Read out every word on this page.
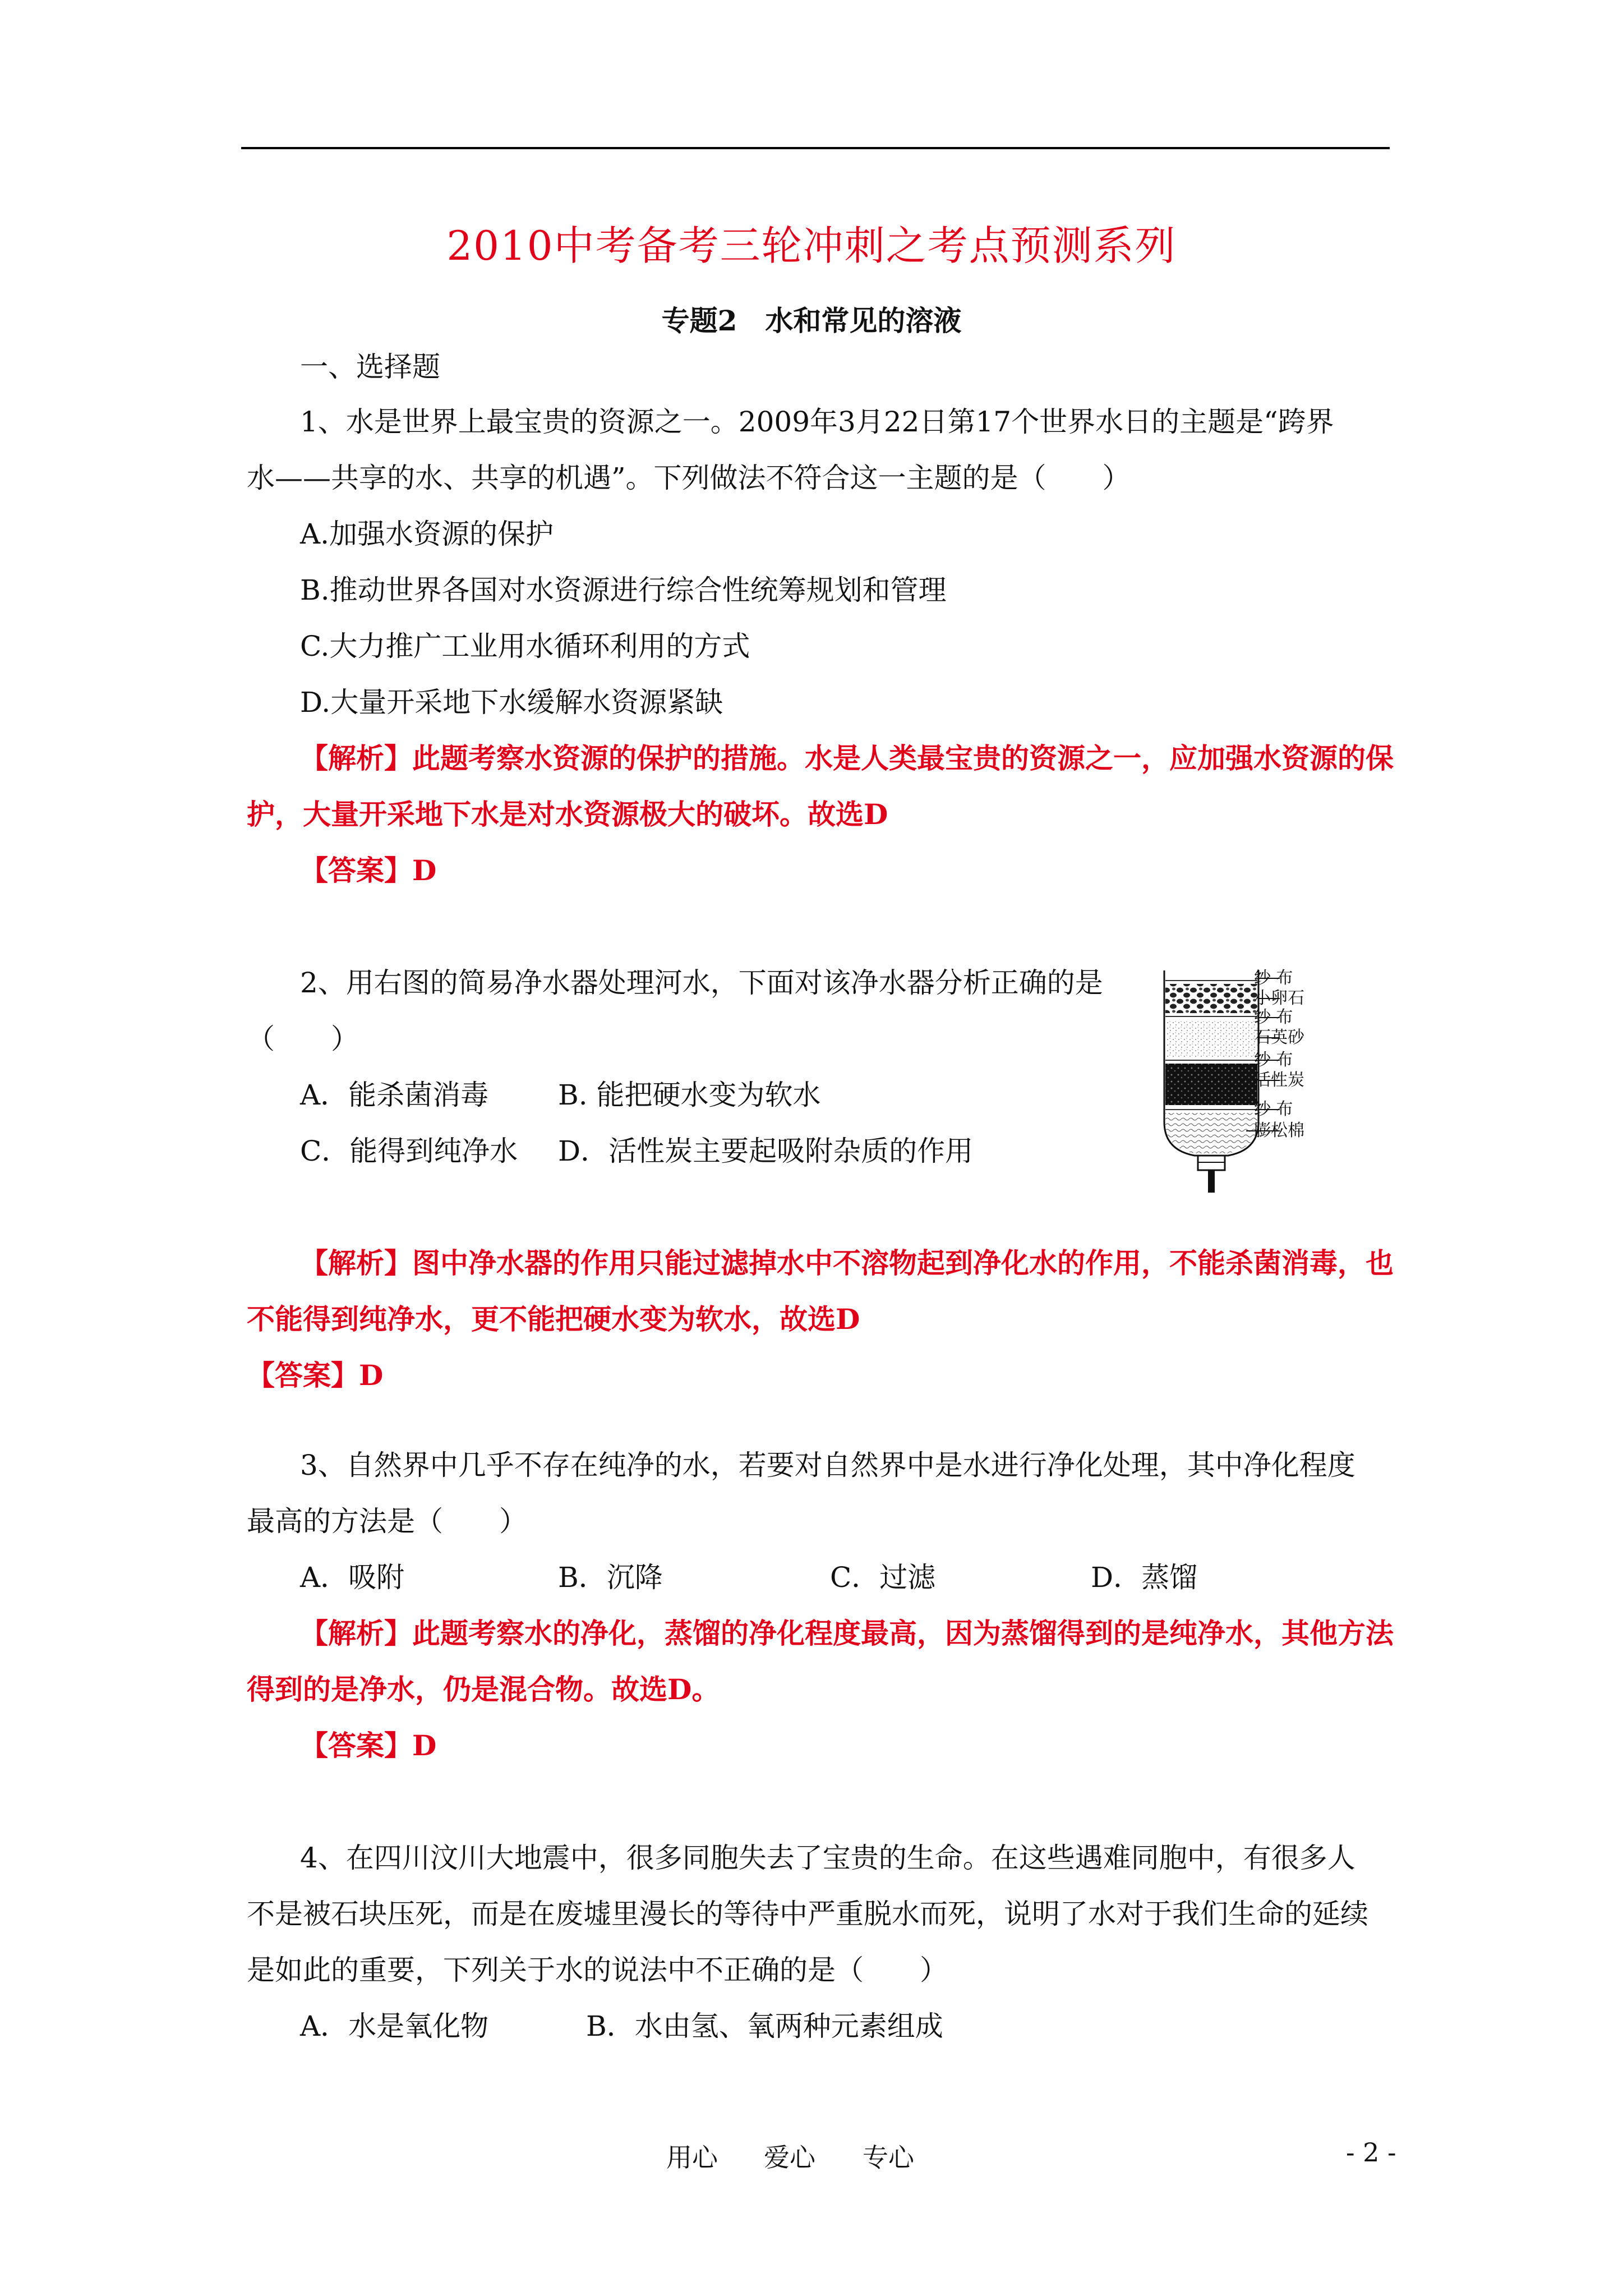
2010中考备考三轮冲刺之考点预测系列
专题2　水和常见的溶液
一、选择题
1、水是世界上最宝贵的资源之一。2009年3月22日第17个世界水日的主题是“跨界
水——共享的水、共享的机遇”。下列做法不符合这一主题的是（　　）
A.加强水资源的保护
B.推动世界各国对水资源进行综合性统筹规划和管理
C.大力推广工业用水循环利用的方式
D.大量开采地下水缓解水资源紧缺
【解析】此题考察水资源的保护的措施。水是人类最宝贵的资源之一，应加强水资源的保
护，大量开采地下水是对水资源极大的破坏。故选D
【答案】D
2、用右图的简易净水器处理河水，下面对该净水器分析正确的是
（　　）
A．能杀菌消毒 B. 能把硬水变为软水
C．能得到纯净水 D．活性炭主要起吸附杂质的作用
纱 布
小卵石
纱 布
石英砂
纱 布
活性炭
纱 布
膨松棉
【解析】图中净水器的作用只能过滤掉水中不溶物起到净化水的作用，不能杀菌消毒，也
不能得到纯净水，更不能把硬水变为软水，故选D
【答案】D
3、自然界中几乎不存在纯净的水，若要对自然界中是水进行净化处理，其中净化程度
最高的方法是（　　）
A．吸附	B．沉降	C．过滤	D．蒸馏
【解析】此题考察水的净化，蒸馏的净化程度最高，因为蒸馏得到的是纯净水，其他方法
得到的是净水，仍是混合物。故选D。
【答案】D
4、在四川汶川大地震中，很多同胞失去了宝贵的生命。在这些遇难同胞中，有很多人
不是被石块压死，而是在废墟里漫长的等待中严重脱水而死，说明了水对于我们生命的延续
是如此的重要，下列关于水的说法中不正确的是（　　）
A．水是氧化物	B．水由氢、氧两种元素组成
用心 爱心 专心	- 2 -
